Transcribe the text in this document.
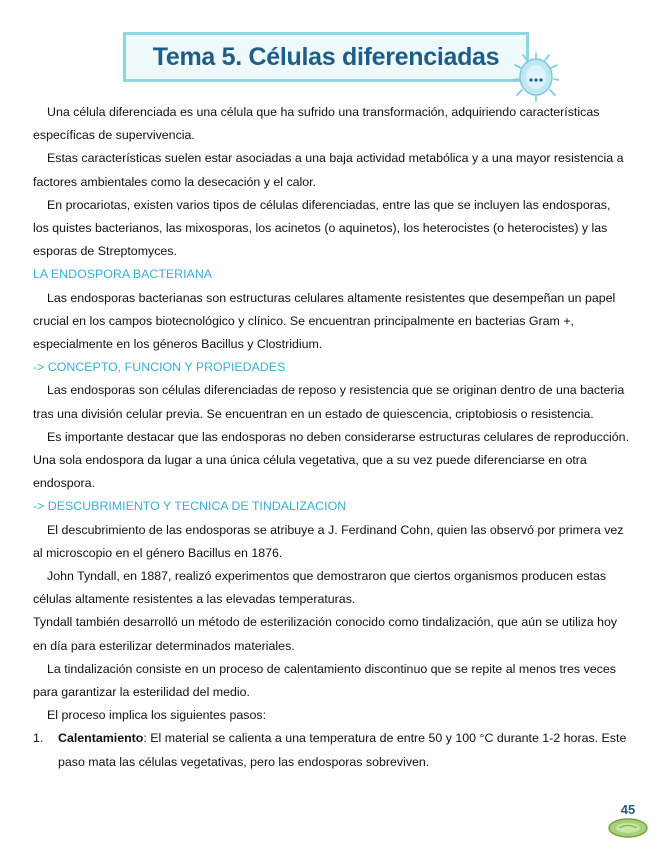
Tema 5. Células diferenciadas

Una célula diferenciada es una célula que ha sufrido una transformación, adquiriendo características específicas de supervivencia.

Estas características suelen estar asociadas a una baja actividad metabólica y a una mayor resistencia a factores ambientales como la desecación y el calor.

En procariotas, existen varios tipos de células diferenciadas, entre las que se incluyen las endosporas, los quistes bacterianos, las mixosporas, los acinetos (o aquinetos), los heterocistes (o heterocistes) y las esporas de Streptomyces.

LA ENDOSPORA BACTERIANA

Las endosporas bacterianas son estructuras celulares altamente resistentes que desempeñan un papel crucial en los campos biotecnológico y clínico. Se encuentran principalmente en bacterias Gram +, especialmente en los géneros Bacillus y Clostridium.

-> CONCEPTO, FUNCION Y PROPIEDADES

Las endosporas son células diferenciadas de reposo y resistencia que se originan dentro de una bacteria tras una división celular previa. Se encuentran en un estado de quiescencia, criptobiosis o resistencia.

Es importante destacar que las endosporas no deben considerarse estructuras celulares de reproducción. Una sola endospora da lugar a una única célula vegetativa, que a su vez puede diferenciarse en otra endospora.

-> DESCUBRIMIENTO Y TECNICA DE TINDALIZACION

El descubrimiento de las endosporas se atribuye a J. Ferdinand Cohn, quien las observó por primera vez al microscopio en el género Bacillus en 1876.

John Tyndall, en 1887, realizó experimentos que demostraron que ciertos organismos producen estas células altamente resistentes a las elevadas temperaturas.

Tyndall también desarrolló un método de esterilización conocido como tindalización, que aún se utiliza hoy en día para esterilizar determinados materiales.

La tindalización consiste en un proceso de calentamiento discontinuo que se repite al menos tres veces para garantizar la esterilidad del medio.

El proceso implica los siguientes pasos:

1. Calentamiento: El material se calienta a una temperatura de entre 50 y 100 °C durante 1-2 horas. Este paso mata las células vegetativas, pero las endosporas sobreviven.
45
